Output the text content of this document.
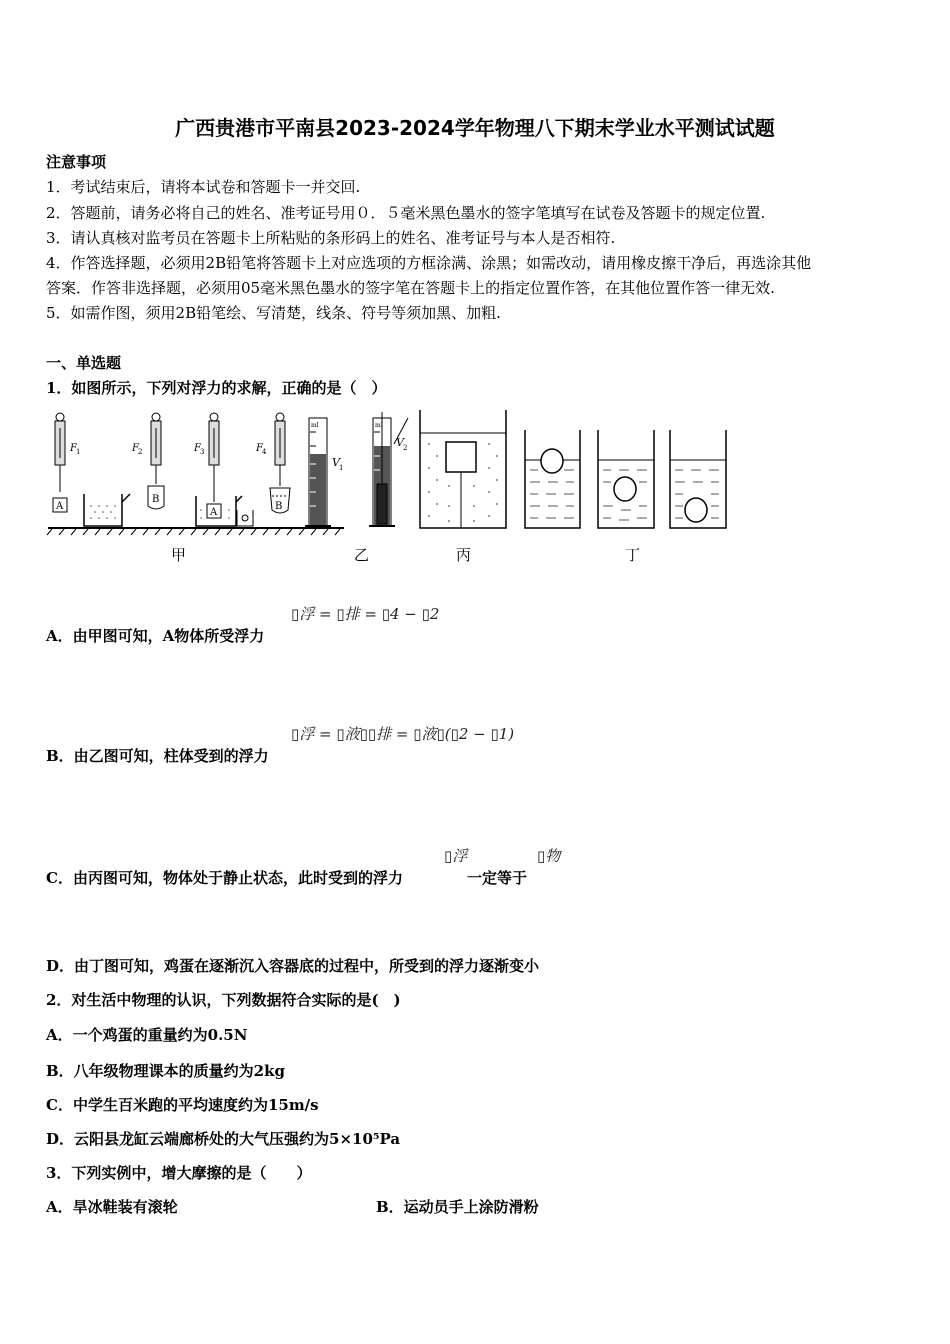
广西贵港市平南县2023-2024学年物理八下期末学业水平测试试题
注意事项
1．考试结束后，请将本试卷和答题卡一并交回.
2．答题前，请务必将自己的姓名、准考证号用０．５毫米黑色墨水的签字笔填写在试卷及答题卡的规定位置.
3．请认真核对监考员在答题卡上所粘贴的条形码上的姓名、准考证号与本人是否相符.
4．作答选择题，必须用2B铅笔将答题卡上对应选项的方框涂满、涂黑；如需改动，请用橡皮擦干净后，再选涂其他
答案．作答非选择题，必须用05毫米黑色墨水的签字笔在答题卡上的指定位置作答，在其他位置作答一律无效.
5．如需作图，须用2B铅笔绘、写清楚，线条、符号等须加黑、加粗.
一、单选题
1．如图所示，下列对浮力的求解，正确的是（　）
F 1
A
F 2
B
F 3
A
F 4
B
ml
V 1
ml
V 2
甲	乙	丙	丁
A．由甲图可知，A物体所受浮力
▯浮 = ▯排 = ▯4 − ▯2
B．由乙图可知，柱体受到的浮力
▯浮 = ▯液▯▯排 = ▯液▯(▯2 − ▯1)
C．由丙图可知，物体处于静止状态，此时受到的浮力
▯浮
一定等于
▯物
D．由丁图可知，鸡蛋在逐渐沉入容器底的过程中，所受到的浮力逐渐变小
2．对生活中物理的认识，下列数据符合实际的是(　)
A．一个鸡蛋的重量约为0.5N
B．八年级物理课本的质量约为2kg
C．中学生百米跑的平均速度约为15m/s
D．云阳县龙缸云端廊桥处的大气压强约为5×10⁵Pa
3．下列实例中，增大摩擦的是（　　）
A．旱冰鞋装有滚轮	B．运动员手上涂防滑粉
